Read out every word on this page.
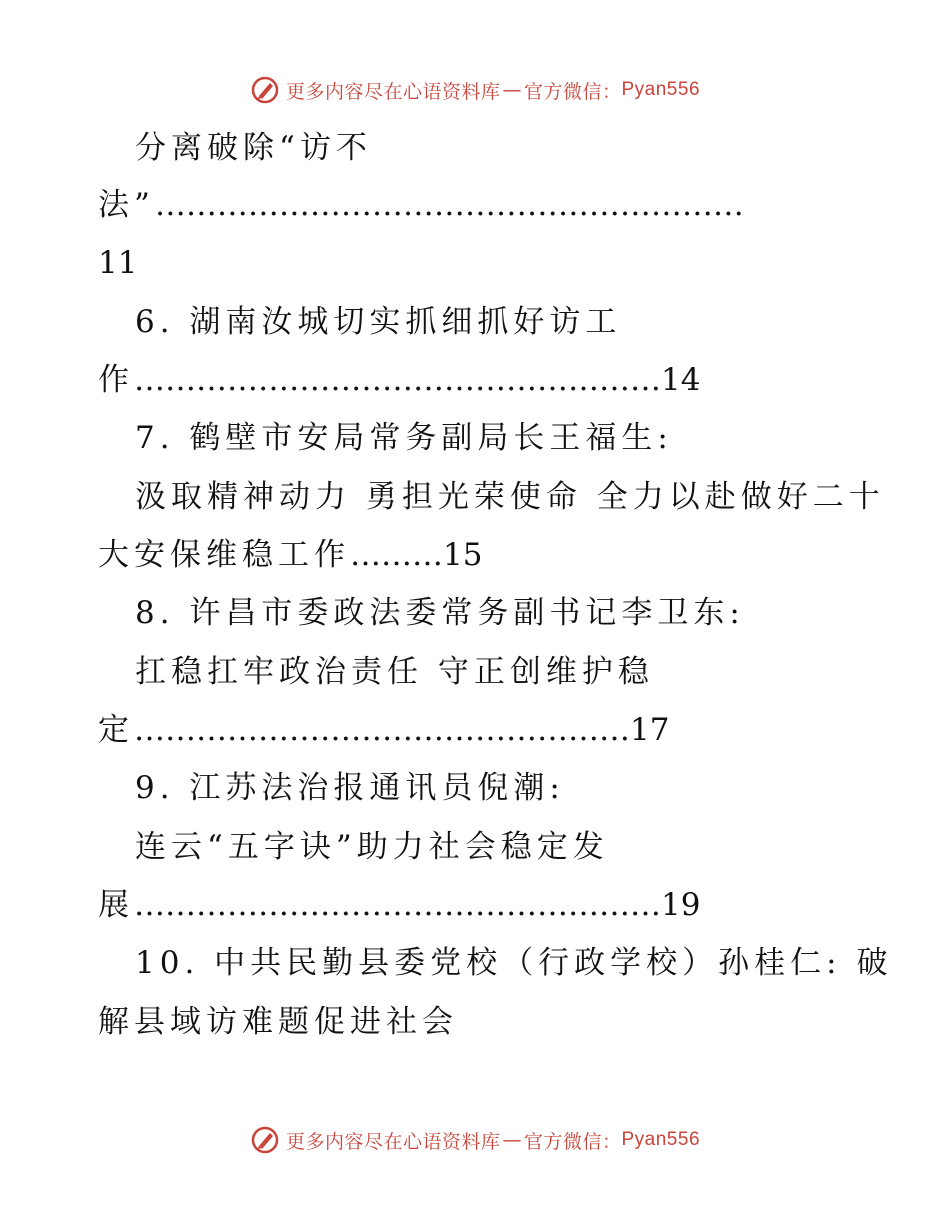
更多内容尽在心语资料库 — 官方微信： Pyan556
分离破除“访不
法”…………………………………………………
11
6. 湖南汝城切实抓细抓好访工
作……………………………………………14
7. 鹤壁市安局常务副局长王福生:
汲取精神动力 勇担光荣使命 全力以赴做好二十
大安保维稳工作………15
8. 许昌市委政法委常务副书记李卫东:
扛稳扛牢政治责任 守正创维护稳
定…………………………………………17
9. 江苏法治报通讯员倪潮:
连云“五字诀”助力社会稳定发
展……………………………………………19
10. 中共民勤县委党校（行政学校）孙桂仁: 破
解县域访难题促进社会
更多内容尽在心语资料库 — 官方微信： Pyan556
